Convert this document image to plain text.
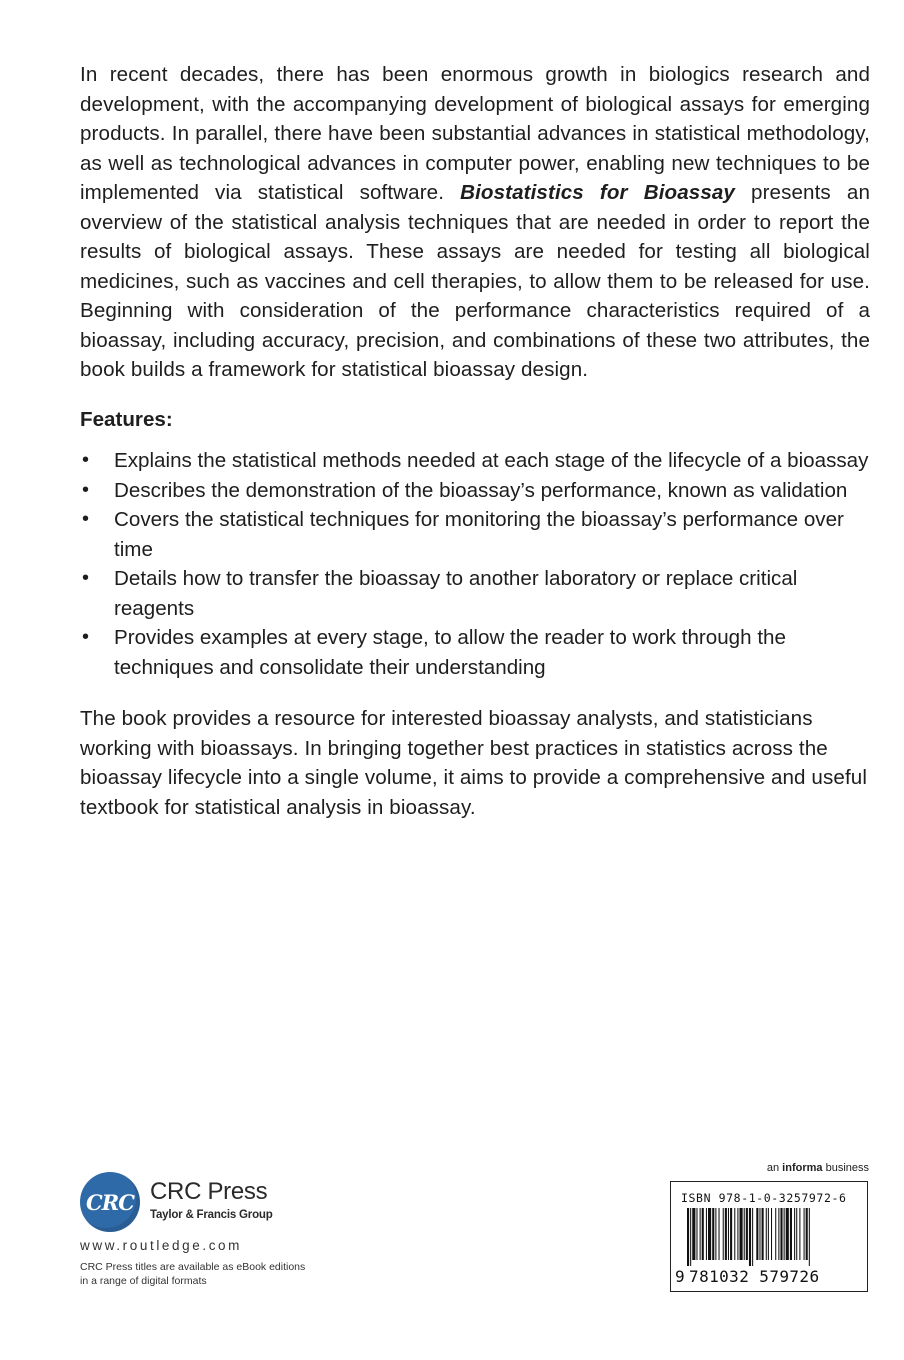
In recent decades, there has been enormous growth in biologics research and development, with the accompanying development of biological assays for emerging products. In parallel, there have been substantial advances in statistical methodology, as well as technological advances in computer power, enabling new techniques to be implemented via statistical software. Biostatistics for Bioassay presents an overview of the statistical analysis techniques that are needed in order to report the results of biological assays. These assays are needed for testing all biological medicines, such as vaccines and cell therapies, to allow them to be released for use. Beginning with consideration of the performance characteristics required of a bioassay, including accuracy, precision, and combinations of these two attributes, the book builds a framework for statistical bioassay design.

Features:
• Explains the statistical methods needed at each stage of the lifecycle of a bioassay
• Describes the demonstration of the bioassay’s performance, known as validation
• Covers the statistical techniques for monitoring the bioassay’s performance over time
• Details how to transfer the bioassay to another laboratory or replace critical reagents
• Provides examples at every stage, to allow the reader to work through the techniques and consolidate their understanding

The book provides a resource for interested bioassay analysts, and statisticians working with bioassays. In bringing together best practices in statistics across the bioassay lifecycle into a single volume, it aims to provide a comprehensive and useful textbook for statistical analysis in bioassay.

CRC CRC Press
Taylor & Francis Group
www.routledge.com
CRC Press titles are available as eBook editions
in a range of digital formats
an informa business
ISBN 978-1-0-3257972-6
9 781032 579726
